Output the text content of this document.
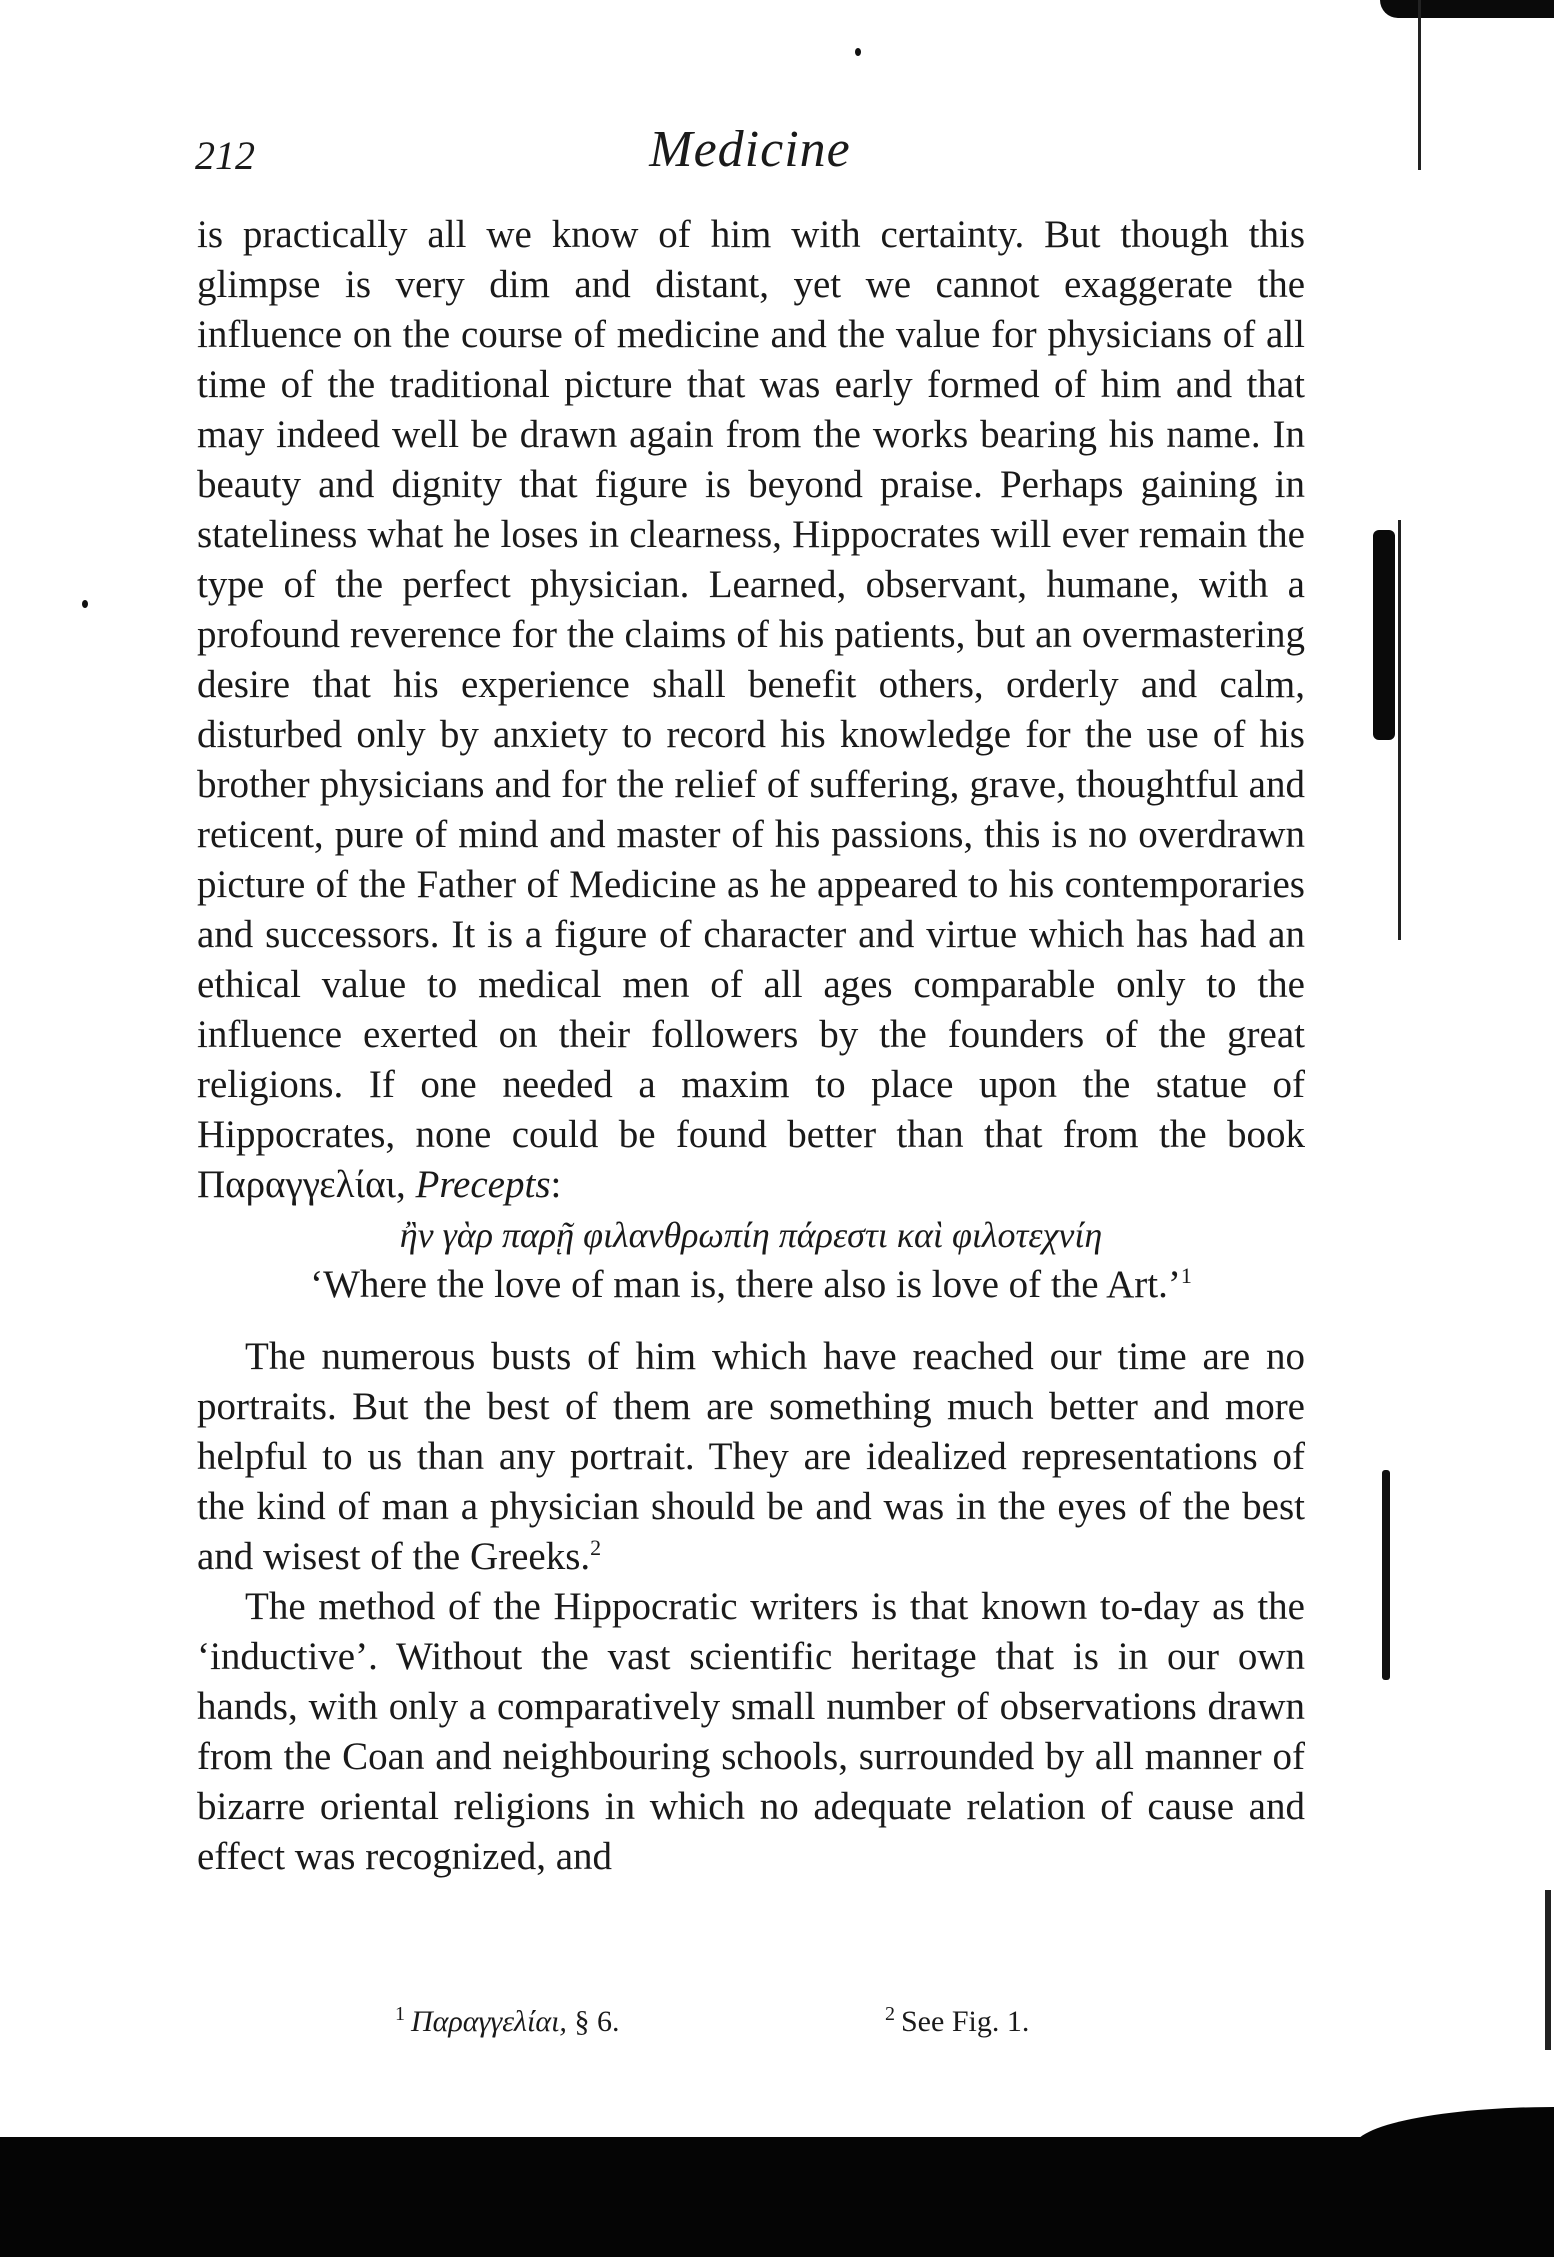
212	Medicine

is practically all we know of him with certainty. But though this glimpse is very dim and distant, yet we cannot exaggerate the influence on the course of medicine and the value for physicians of all time of the traditional picture that was early formed of him and that may indeed well be drawn again from the works bearing his name. In beauty and dignity that figure is beyond praise. Perhaps gaining in stateliness what he loses in clearness, Hippocrates will ever remain the type of the perfect physician. Learned, observant, humane, with a profound reverence for the claims of his patients, but an overmastering desire that his experience shall benefit others, orderly and calm, disturbed only by anxiety to record his knowledge for the use of his brother physicians and for the relief of suffering, grave, thoughtful and reticent, pure of mind and master of his passions, this is no overdrawn picture of the Father of Medicine as he appeared to his contemporaries and successors. It is a figure of character and virtue which has had an ethical value to medical men of all ages comparable only to the influence exerted on their followers by the founders of the great religions. If one needed a maxim to place upon the statue of Hippocrates, none could be found better than that from the book Παραγγελίαι, Precepts:

ἢν γὰρ παρῇ φιλανθρωπίη πάρεστι καὶ φιλοτεχνίη

‘Where the love of man is, there also is love of the Art.’$^1$

The numerous busts of him which have reached our time are no portraits. But the best of them are something much better and more helpful to us than any portrait. They are idealized representations of the kind of man a physician should be and was in the eyes of the best and wisest of the Greeks.$^2$

The method of the Hippocratic writers is that known to-day as the ‘inductive’. Without the vast scientific heritage that is in our own hands, with only a comparatively small number of observations drawn from the Coan and neighbouring schools, surrounded by all manner of bizarre oriental religions in which no adequate relation of cause and effect was recognized, and

$^1$ Παραγγελίαι, § 6.	$^2$ See Fig. 1.
